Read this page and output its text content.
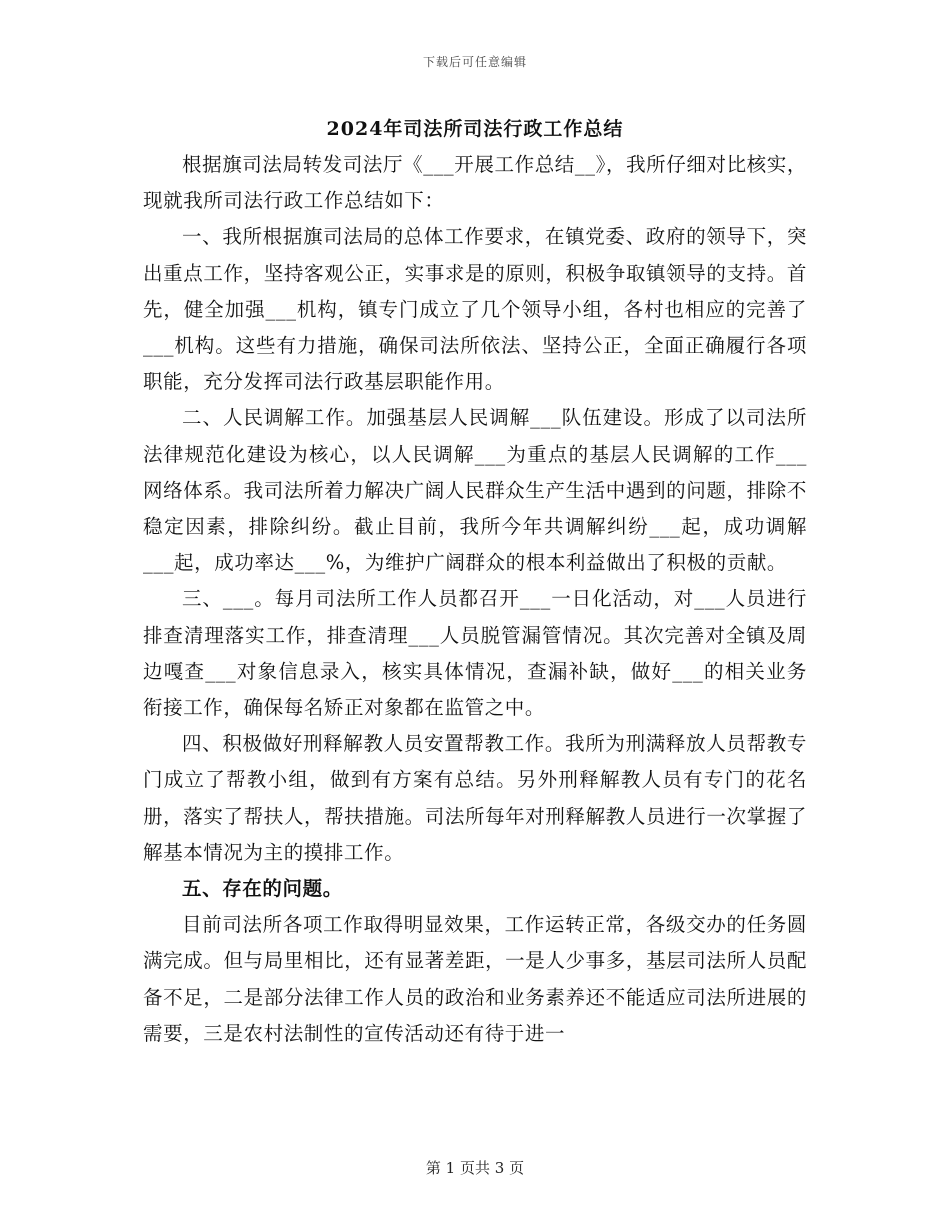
下载后可任意编辑
2024年司法所司法行政工作总结

根据旗司法局转发司法厅《___开展工作总结__》，我所仔细对比核实，现就我所司法行政工作总结如下：

一、我所根据旗司法局的总体工作要求，在镇党委、政府的领导下，突出重点工作，坚持客观公正，实事求是的原则，积极争取镇领导的支持。首先，健全加强___机构，镇专门成立了几个领导小组，各村也相应的完善了___机构。这些有力措施，确保司法所依法、坚持公正，全面正确履行各项职能，充分发挥司法行政基层职能作用。

二、人民调解工作。加强基层人民调解___队伍建设。形成了以司法所法律规范化建设为核心，以人民调解___为重点的基层人民调解的工作___网络体系。我司法所着力解决广阔人民群众生产生活中遇到的问题，排除不稳定因素，排除纠纷。截止目前，我所今年共调解纠纷___起，成功调解___起，成功率达___%，为维护广阔群众的根本利益做出了积极的贡献。

三、___。每月司法所工作人员都召开___一日化活动，对___人员进行排查清理落实工作，排查清理___人员脱管漏管情况。其次完善对全镇及周边嘎查___对象信息录入，核实具体情况，查漏补缺，做好___的相关业务衔接工作，确保每名矫正对象都在监管之中。

四、积极做好刑释解教人员安置帮教工作。我所为刑满释放人员帮教专门成立了帮教小组，做到有方案有总结。另外刑释解教人员有专门的花名册，落实了帮扶人，帮扶措施。司法所每年对刑释解教人员进行一次掌握了解基本情况为主的摸排工作。

五、存在的问题。

目前司法所各项工作取得明显效果，工作运转正常，各级交办的任务圆满完成。但与局里相比，还有显著差距，一是人少事多，基层司法所人员配备不足，二是部分法律工作人员的政治和业务素养还不能适应司法所进展的需要，三是农村法制性的宣传活动还有待于进一

第 1 页共 3 页
